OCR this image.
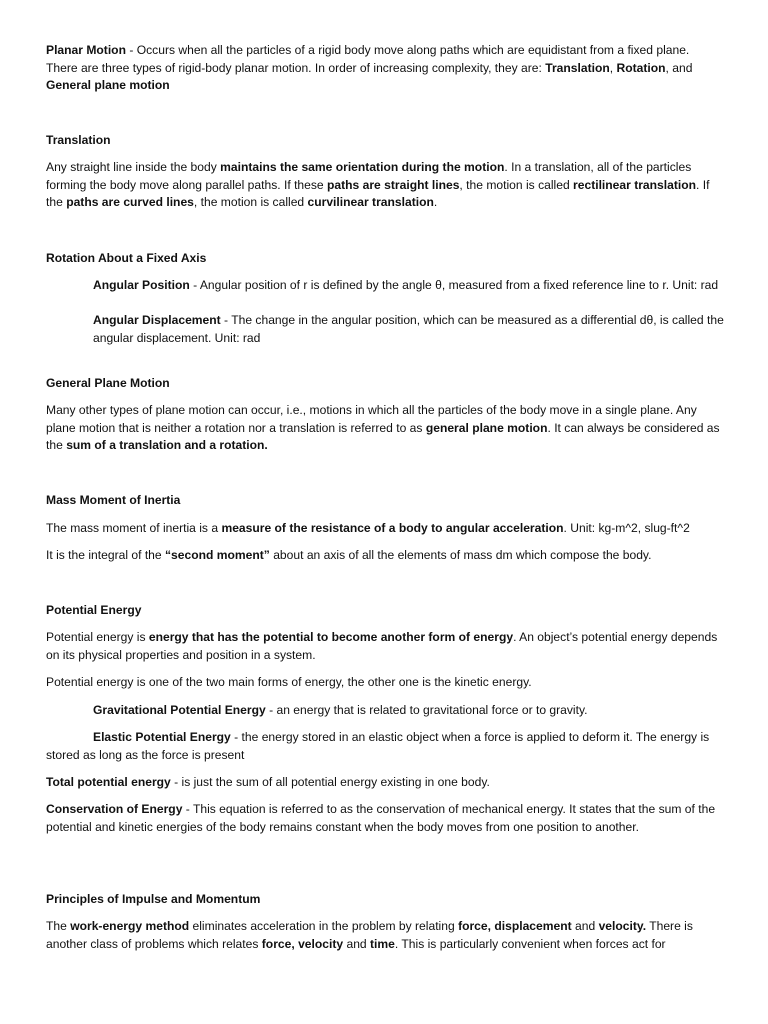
Planar Motion - Occurs when all the particles of a rigid body move along paths which are equidistant from a fixed plane. There are three types of rigid-body planar motion. In order of increasing complexity, they are: Translation, Rotation, and General plane motion

Translation

Any straight line inside the body maintains the same orientation during the motion. In a translation, all of the particles forming the body move along parallel paths. If these paths are straight lines, the motion is called rectilinear translation. If the paths are curved lines, the motion is called curvilinear translation.

Rotation About a Fixed Axis

Angular Position - Angular position of r is defined by the angle θ, measured from a fixed reference line to r. Unit: rad

Angular Displacement - The change in the angular position, which can be measured as a differential dθ, is called the angular displacement. Unit: rad

General Plane Motion

Many other types of plane motion can occur, i.e., motions in which all the particles of the body move in a single plane. Any plane motion that is neither a rotation nor a translation is referred to as general plane motion. It can always be considered as the sum of a translation and a rotation.

Mass Moment of Inertia

The mass moment of inertia is a measure of the resistance of a body to angular acceleration. Unit: kg-m^2, slug-ft^2

It is the integral of the “second moment” about an axis of all the elements of mass dm which compose the body.

Potential Energy

Potential energy is energy that has the potential to become another form of energy. An object’s potential energy depends on its physical properties and position in a system.

Potential energy is one of the two main forms of energy, the other one is the kinetic energy.

Gravitational Potential Energy - an energy that is related to gravitational force or to gravity.

Elastic Potential Energy - the energy stored in an elastic object when a force is applied to deform it. The energy is stored as long as the force is present

Total potential energy - is just the sum of all potential energy existing in one body.

Conservation of Energy - This equation is referred to as the conservation of mechanical energy. It states that the sum of the potential and kinetic energies of the body remains constant when the body moves from one position to another.

Principles of Impulse and Momentum

The work-energy method eliminates acceleration in the problem by relating force, displacement and velocity. There is another class of problems which relates force, velocity and time. This is particularly convenient when forces act for
